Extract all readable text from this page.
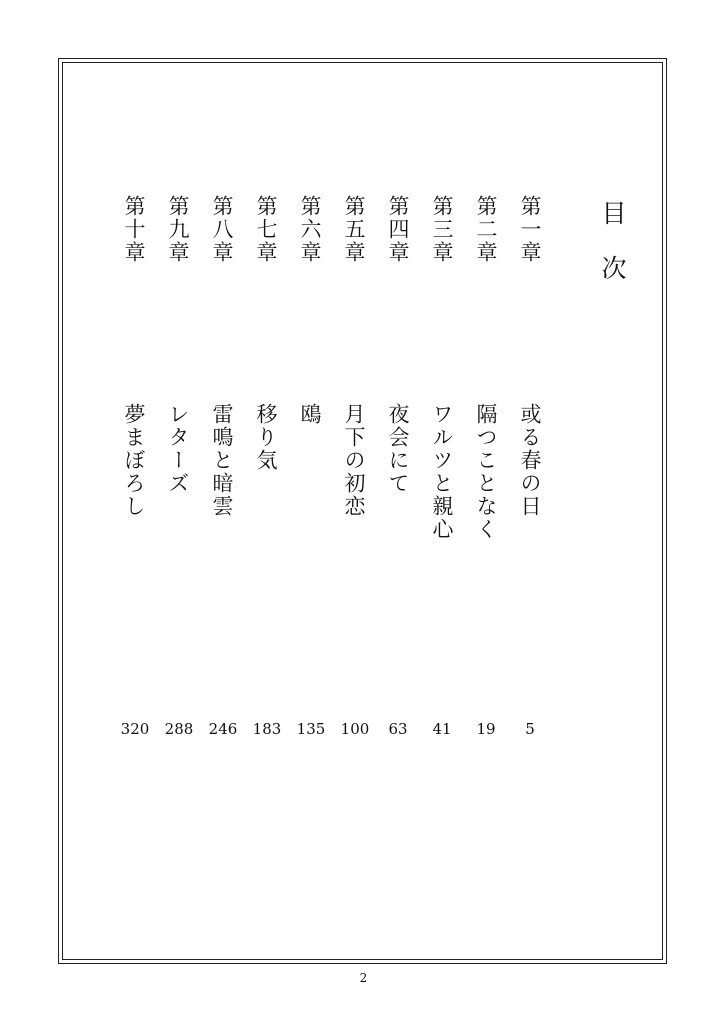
目次
第一章
或る春の日
5
第二章
隔つことなく
19
第三章
ワルツと親心
41
第四章
夜会にて
63
第五章
月下の初恋
100
第六章
鴎
135
第七章
移り気
183
第八章
雷鳴と暗雲
246
第九章
レターズ
288
第十章
夢まぼろし
320
2
